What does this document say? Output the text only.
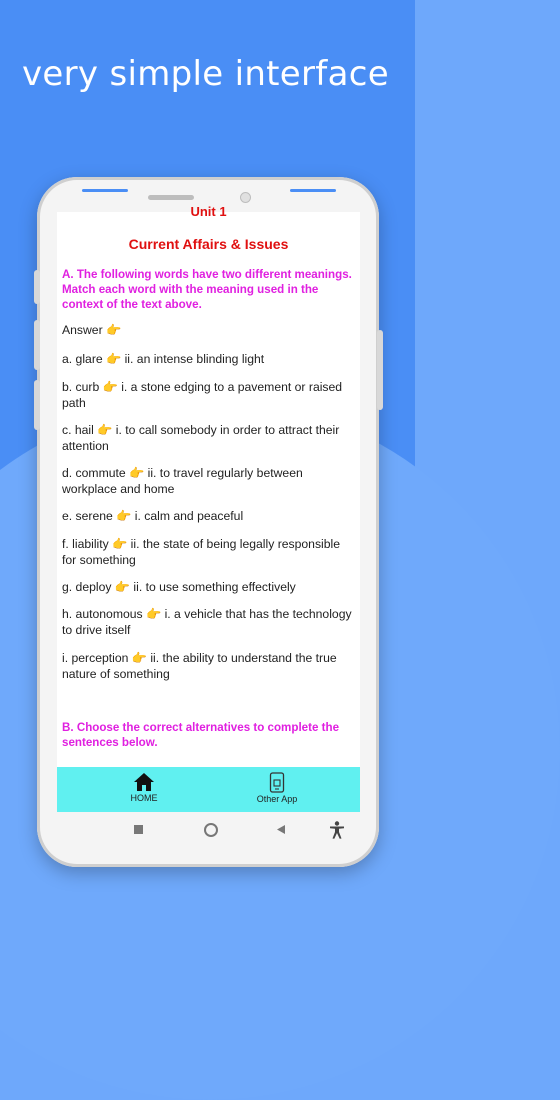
very simple interface
Unit 1
Current Affairs & Issues
A. The following words have two different meanings. Match each word with the meaning used in the context of the text above.
Answer 👉
a. glare 👉 ii. an intense blinding light
b. curb 👉 i. a stone edging to a pavement or raised path
c. hail 👉 i. to call somebody in order to attract their attention
d. commute 👉 ii. to travel regularly between workplace and home
e. serene 👉 i. calm and peaceful
f. liability 👉 ii. the state of being legally responsible for something
g. deploy 👉 ii. to use something effectively
h. autonomous 👉 i. a vehicle that has the technology to drive itself
i. perception 👉 ii. the ability to understand the true nature of something
B. Choose the correct alternatives to complete the sentences below.
HOME	Other App
